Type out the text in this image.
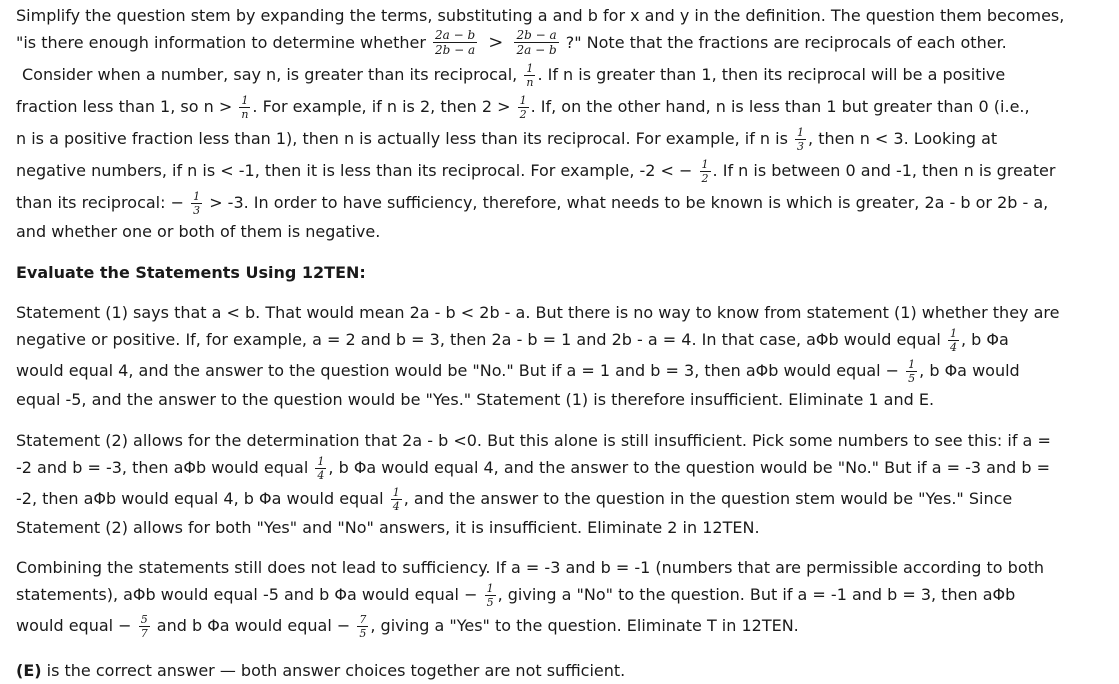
Simplify the question stem by expanding the terms, substituting a and b for x and y in the definition. The question them becomes,
"is there enough information to determine whether $\frac{2a - b}{2b - a} > \frac{2b - a}{2a - b}$ ?" Note that the fractions are reciprocals of each other.
Consider when a number, say n, is greater than its reciprocal, $\frac{1}{n}$ . If n is greater than 1, then its reciprocal will be a positive
fraction less than 1, so $n > \frac{1}{n}$ . For example, if n is 2, then $2 > \frac{1}{2}$ . If, on the other hand, n is less than 1 but greater than 0 (i.e.,
n is a positive fraction less than 1), then n is actually less than its reciprocal. For example, if n is $\frac{1}{3}$ , then n < 3. Looking at
negative numbers, if n is < -1, then it is less than its reciprocal. For example, -2 < − $\frac{1}{2}$ . If n is between 0 and -1, then n is greater
than its reciprocal: − $\frac{1}{3} > -3$. In order to have sufficiency, therefore, what needs to be known is which is greater, 2a - b or 2b - a,
and whether one or both of them is negative.
Evaluate the Statements Using 12TEN:
Statement (1) says that a < b. That would mean 2a - b < 2b - a. But there is no way to know from statement (1) whether they are
negative or positive. If, for example, a = 2 and b = 3, then 2a - b = 1 and 2b - a = 4. In that case, aΦb would equal $\frac{1}{4}$ , b Φa
would equal 4, and the answer to the question would be "No." But if a = 1 and b = 3, then aΦb would equal − $\frac{1}{5}$ , b Φa would
equal -5, and the answer to the question would be "Yes." Statement (1) is therefore insufficient. Eliminate 1 and E.
Statement (2) allows for the determination that 2a - b <0. But this alone is still insufficient. Pick some numbers to see this: if a =
-2 and b = -3, then aΦb would equal $\frac{1}{4}$ , b Φa would equal 4, and the answer to the question would be "No." But if a = -3 and b =
-2, then aΦb would equal 4, b Φa would equal $\frac{1}{4}$ , and the answer to the question in the question stem would be "Yes." Since
Statement (2) allows for both "Yes" and "No" answers, it is insufficient. Eliminate 2 in 12TEN.
Combining the statements still does not lead to sufficiency. If a = -3 and b = -1 (numbers that are permissible according to both
statements), aΦb would equal -5 and b Φa would equal − $\frac{1}{5}$ , giving a "No" to the question. But if a = -1 and b = 3, then aΦb
would equal − $\frac{5}{7}$ and b Φa would equal − $\frac{7}{5}$ , giving a "Yes" to the question. Eliminate T in 12TEN.
(E) is the correct answer — both answer choices together are not sufficient.
